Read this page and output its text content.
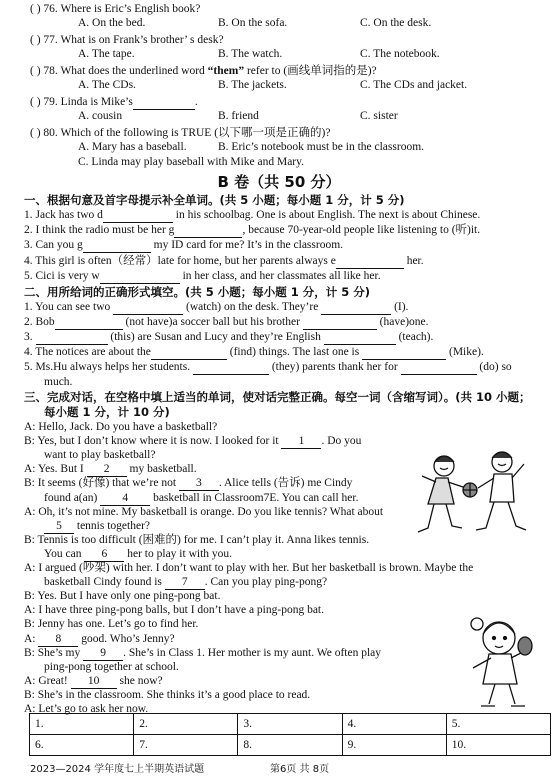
( ) 76. Where is Eric’s English book?
A. On the bed.	B. On the sofa.	C. On the desk.
( ) 77. What is on Frank’s brother’ s desk?
A. The tape.	B. The watch.	C. The notebook.
( ) 78. What does the underlined word “them” refer to (画线单词指的是)?
A. The CDs.	B. The jackets.	C. The CDs and jacket.
( ) 79. Linda is Mike’s	.
A. cousin	B. friend	C. sister
( ) 80. Which of the following is TRUE (以下哪一项是正确的)?
A. Mary has a baseball.	B. Eric’s notebook must be in the classroom.
C. Linda may play baseball with Mike and Mary.
B 卷（共 50 分）
一、根据句意及首字母提示补全单词。(共 5 小题；每小题 1 分，计 5 分)
1. Jack has two d	in his schoolbag. One is about English. The next is about Chinese.
2. I think the radio must be her g	, because 70-year-old people like listening to (听)it.
3. Can you g	my ID card for me? It’s in the classroom.
4. This girl is often（经常）late for home, but her parents always e	her.
5. Cici is very w	in her class, and her classmates all like her.
二、用所给词的正确形式填空。(共 5 小题；每小题 1 分，计 5 分)
1. You can see two	(watch) on the desk. They’re	(I).
2. Bob	(not have)a soccer ball but his brother	(have)one.
3.	(this) are Susan and Lucy and they’re English	(teach).
4. The notices are about the	(find) things. The last one is	(Mike).
5. Ms.Hu always helps her students.	(they) parents thank her for	(do) so
much.
三、完成对话，在空格中填上适当的单词，使对话完整正确。每空一词（含缩写词）。(共 10 小题；
每小题 1 分，计 10 分)
A: Hello, Jack. Do you have a basketball?
B: Yes, but I don’t know where it is now. I looked for it 1 . Do you
want to play basketball?
A: Yes. But I 2 my basketball.
B: It seems (好像) that we’re not 3 . Alice tells (告诉) me Cindy
found a(an) 4 basketball in Classroom7E. You can call her.
A: Oh, it’s not mine. My basketball is orange. Do you like tennis? What about
5 tennis together?
B: Tennis is too difficult (困难的) for me. I can’t play it. Anna likes tennis.
You can 6 her to play it with you.
A: I argued (吵架) with her. I don’t want to play with her. But her basketball is brown. Maybe the
basketball Cindy found is 7 . Can you play ping-pong?
B: Yes. But I have only one ping-pong bat.
A: I have three ping-pong balls, but I don’t have a ping-pong bat.
B: Jenny has one. Let’s go to find her.
A: 8 good. Who’s Jenny?
B: She’s my 9 . She’s in Class 1. Her mother is my aunt. We often play
ping-pong together at school.
A: Great! 10 she now?
B: She’s in the classroom. She thinks it’s a good place to read.
A: Let’s go to ask her now.
1.	2.	3.	4.	5.
6.	7.	8.	9.	10.
2023—2024 学年度七上半期英语试题	第6页 共 8页
